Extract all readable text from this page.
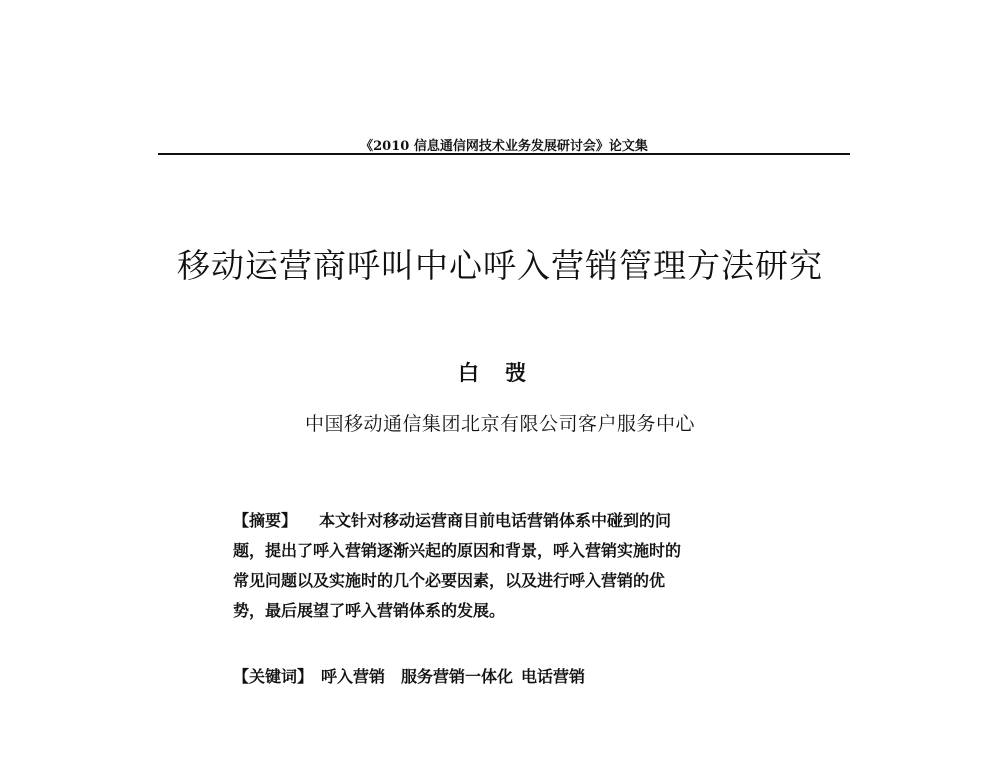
《2010 信息通信网技术业务发展研讨会》论文集
移动运营商呼叫中心呼入营销管理方法研究
白弢
中国移动通信集团北京有限公司客户服务中心
【摘要】 本文针对移动运营商目前电话营销体系中碰到的问
题，提出了呼入营销逐渐兴起的原因和背景，呼入营销实施时的
常见问题以及实施时的几个必要因素，以及进行呼入营销的优
势，最后展望了呼入营销体系的发展。
【关键词】 呼入营销 服务营销一体化 电话营销
